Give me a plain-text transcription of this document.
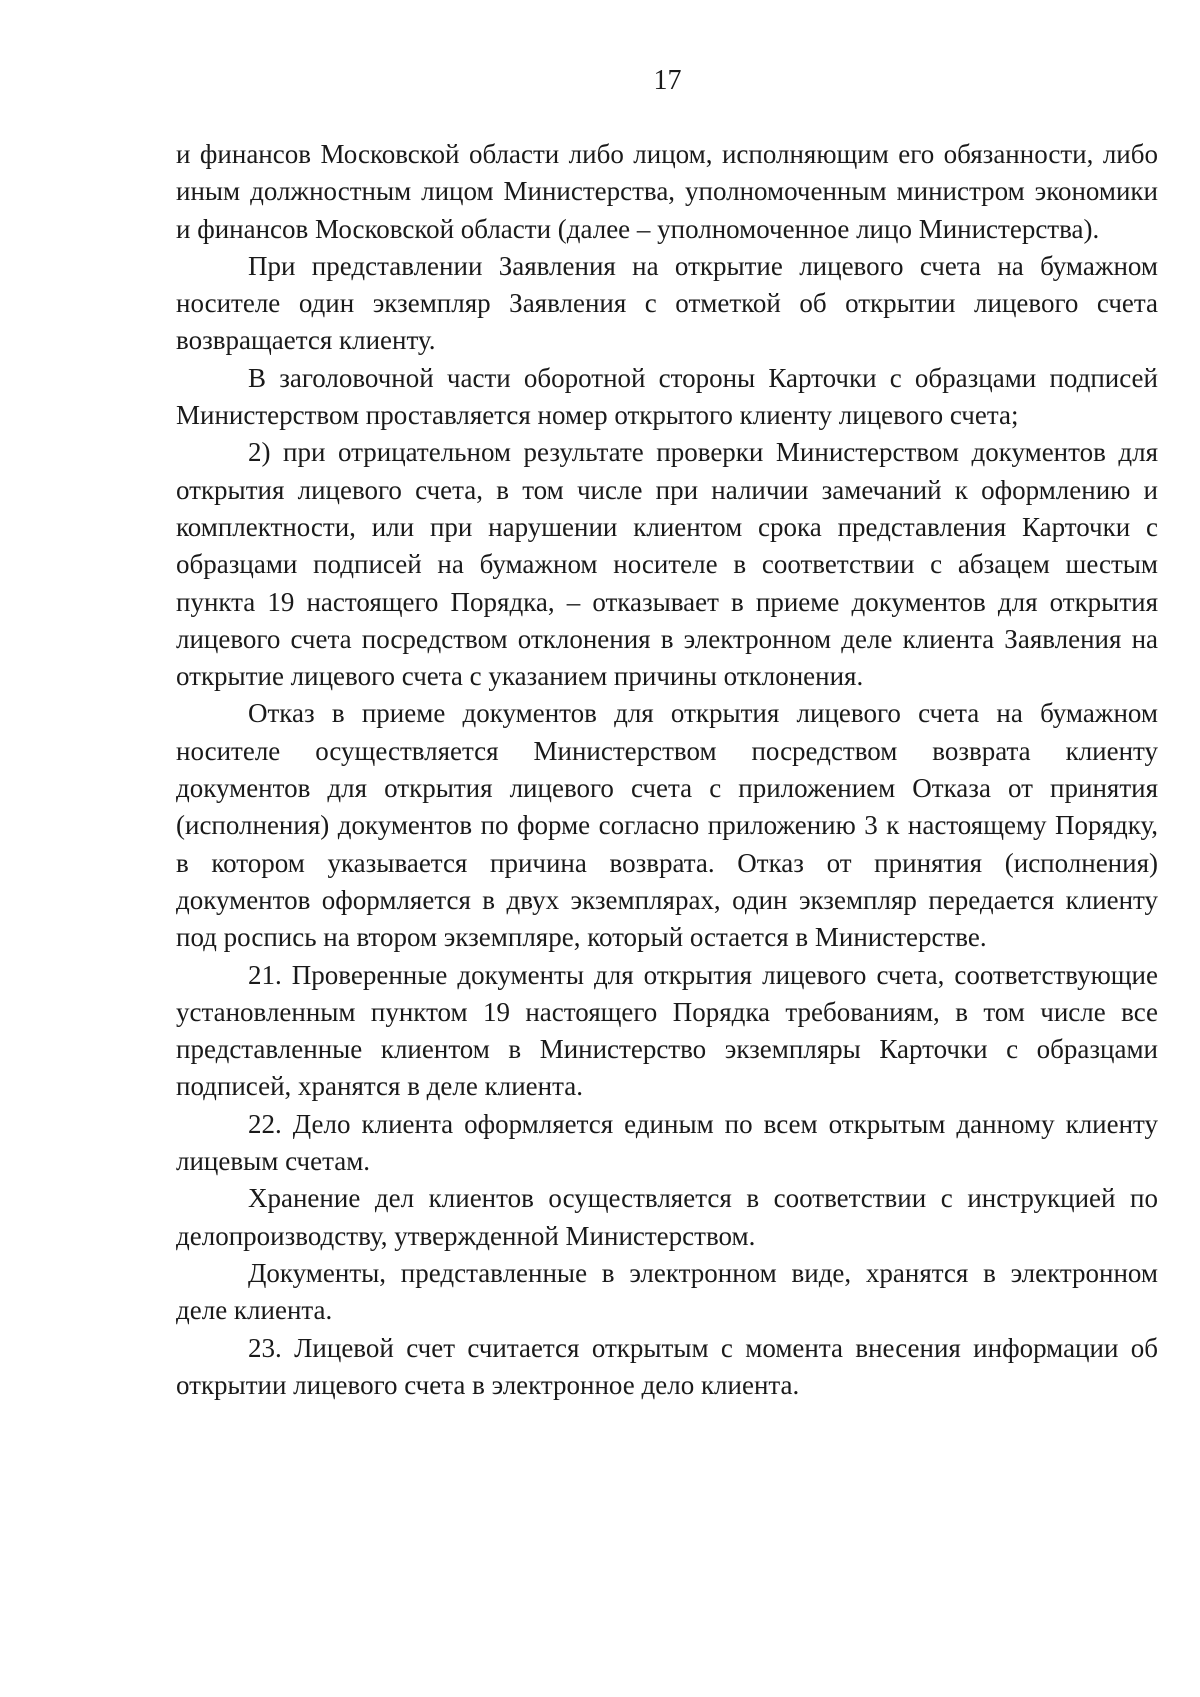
17

и финансов Московской области либо лицом, исполняющим его обязанности, либо иным должностным лицом Министерства, уполномоченным министром экономики и финансов Московской области (далее – уполномоченное лицо Министерства).

При представлении Заявления на открытие лицевого счета на бумажном носителе один экземпляр Заявления с отметкой об открытии лицевого счета возвращается клиенту.

В заголовочной части оборотной стороны Карточки с образцами подписей Министерством проставляется номер открытого клиенту лицевого счета;

2) при отрицательном результате проверки Министерством документов для открытия лицевого счета, в том числе при наличии замечаний к оформлению и комплектности, или при нарушении клиентом срока представления Карточки с образцами подписей на бумажном носителе в соответствии с абзацем шестым пункта 19 настоящего Порядка, – отказывает в приеме документов для открытия лицевого счета посредством отклонения в электронном деле клиента Заявления на открытие лицевого счета с указанием причины отклонения.

Отказ в приеме документов для открытия лицевого счета на бумажном носителе осуществляется Министерством посредством возврата клиенту документов для открытия лицевого счета с приложением Отказа от принятия (исполнения) документов по форме согласно приложению 3 к настоящему Порядку, в котором указывается причина возврата. Отказ от принятия (исполнения) документов оформляется в двух экземплярах, один экземпляр передается клиенту под роспись на втором экземпляре, который остается в Министерстве.

21. Проверенные документы для открытия лицевого счета, соответствующие установленным пунктом 19 настоящего Порядка требованиям, в том числе все представленные клиентом в Министерство экземпляры Карточки с образцами подписей, хранятся в деле клиента.

22. Дело клиента оформляется единым по всем открытым данному клиенту лицевым счетам.

Хранение дел клиентов осуществляется в соответствии с инструкцией по делопроизводству, утвержденной Министерством.

Документы, представленные в электронном виде, хранятся в электронном деле клиента.

23. Лицевой счет считается открытым с момента внесения информации об открытии лицевого счета в электронное дело клиента.
